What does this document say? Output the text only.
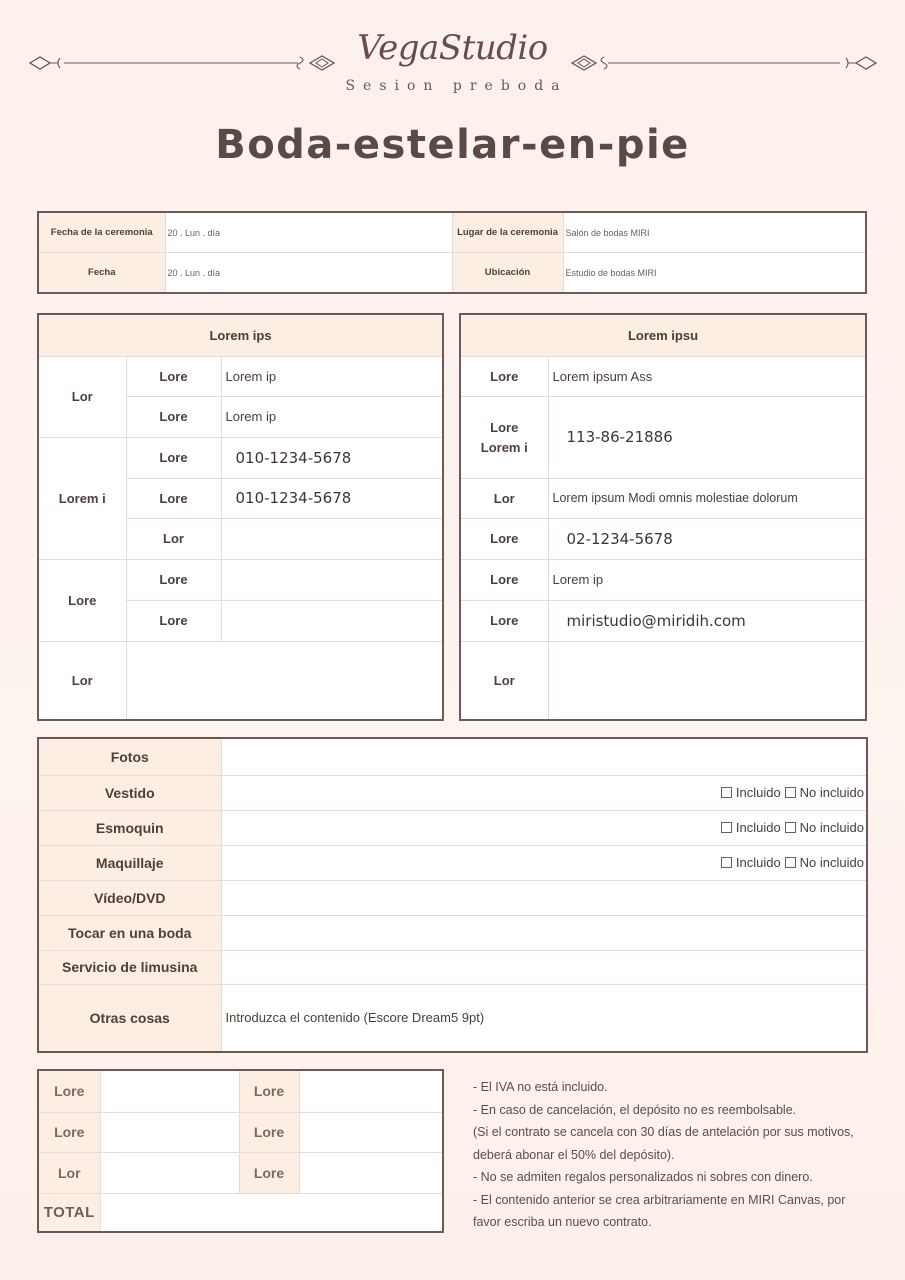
VegaStudio
Sesion preboda
Boda-estelar-en-pie
Fecha de la ceremonia	20 . Lun . día	Lugar de la ceremonia	Salón de bodas MIRI
Fecha	20 . Lun . día	Ubicación	Estudio de bodas MIRI
Lorem ips		
Lor	Lore	Lorem ip
	Lore	Lorem ip
Lorem i	Lore	010-1234-5678
	Lore	010-1234-5678
	Lor	
Lore	Lore	
	Lore	
Lor		
Lorem ipsu	
Lore	Lorem ipsum Ass

Lore
Lorem i	113-86-21886
Lor	Lorem ipsum Modi omnis molestiae dolorum
Lore	02-1234-5678
Lore	Lorem ip
Lore	miristudio@miridih.com
Lor	
Fotos	
Vestido	Incluido No incluido
Esmoquin	Incluido No incluido
Maquillaje	Incluido No incluido
Vídeo/DVD	
Tocar en una boda	
Servicio de limusina	
Otras cosas	Introduzca el contenido (Escore Dream5 9pt)
Lore		Lore	
Lore		Lore	
Lor		Lore	
TOTAL			
- El IVA no está incluido.
- En caso de cancelación, el depósito no es reembolsable.
(Si el contrato se cancela con 30 días de antelación por sus motivos, deberá abonar el 50% del depósito).
- No se admiten regalos personalizados ni sobres con dinero.
- El contenido anterior se crea arbitrariamente en MIRI Canvas, por favor escriba un nuevo contrato.
